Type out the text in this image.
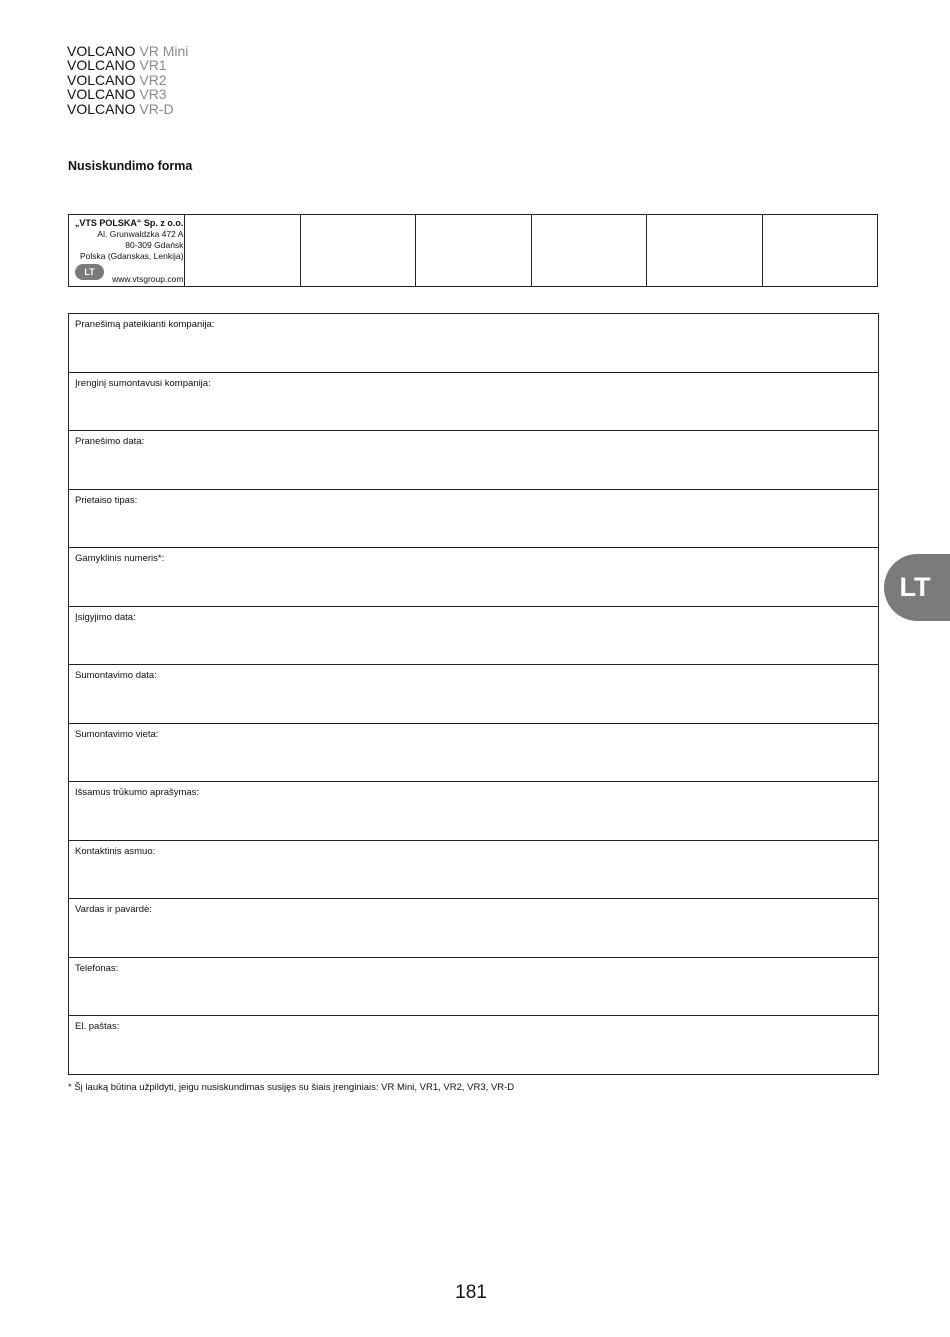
VOLCANO VR Mini
VOLCANO VR1
VOLCANO VR2
VOLCANO VR3
VOLCANO VR-D
Nusiskundimo forma
„VTS POLSKA“ Sp. z o.o.
Al. Grunwaldzka 472 A
80-309 Gdańsk
Polska (Gdanskas, Lenkija)
LT
www.vtsgroup.com
Pranešimą pateikianti kompanija:
Įrenginį sumontavusi kompanija:
Pranešimo data:
Prietaiso tipas:
Gamyklinis numeris*:
Įsigyjimo data:
Sumontavimo data:
Sumontavimo vieta:
Išsamus trūkumo aprašymas:
Kontaktinis asmuo:
Vardas ir pavardė:
Telefonas:
El. paštas:
* Šį lauką būtina užpildyti, jeigu nusiskundimas susijęs su šiais įrenginiais: VR Mini, VR1, VR2, VR3, VR-D
LT
181
